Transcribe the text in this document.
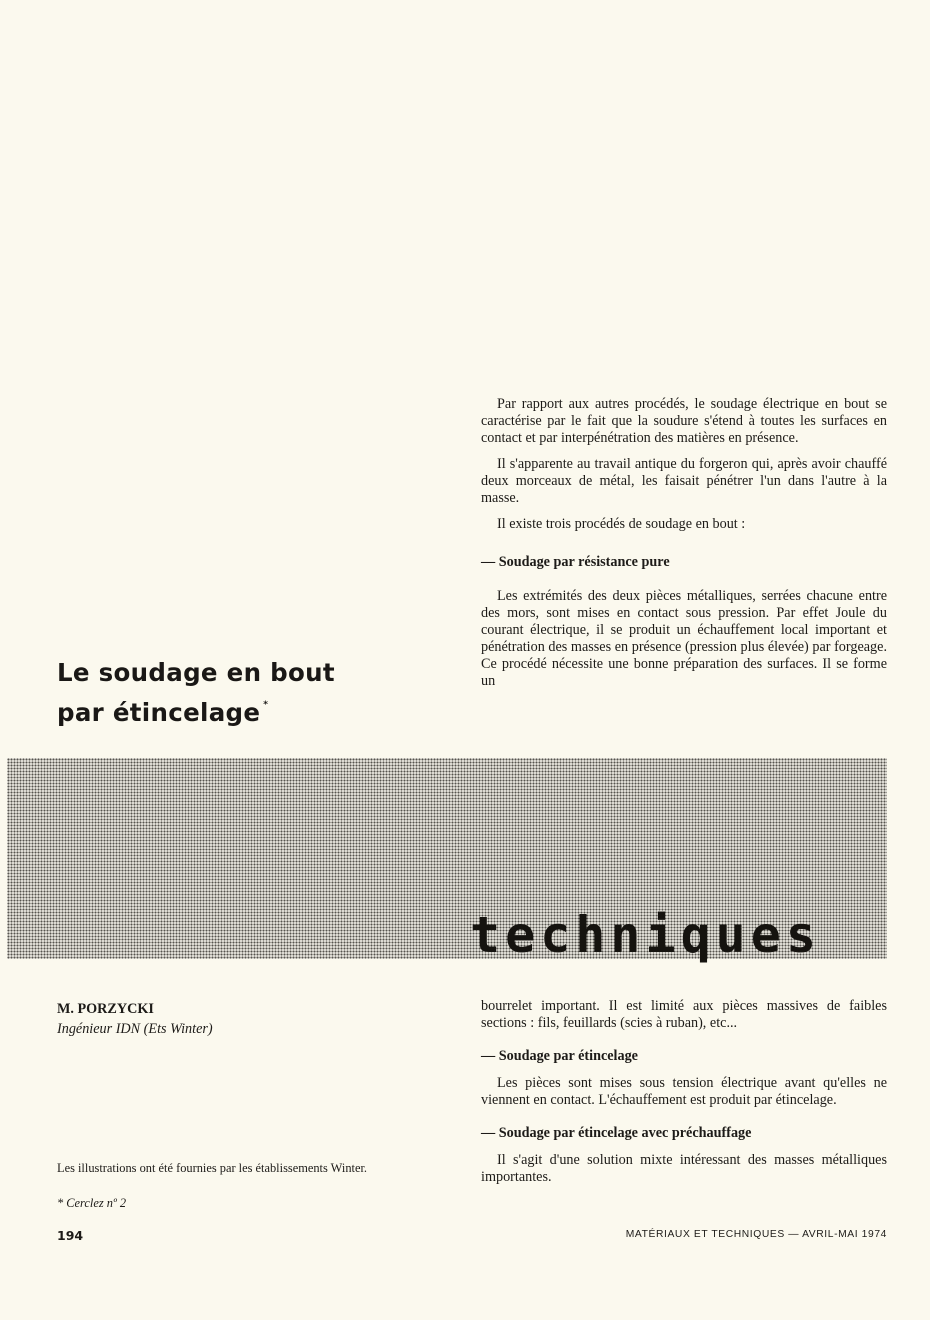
Par rapport aux autres procédés, le soudage électrique en bout se caractérise par le fait que la soudure s'étend à toutes les surfaces en contact et par interpénétration des matières en présence.

Il s'apparente au travail antique du forgeron qui, après avoir chauffé deux morceaux de métal, les faisait pénétrer l'un dans l'autre à la masse.

Il existe trois procédés de soudage en bout :

— Soudage par résistance pure

Les extrémités des deux pièces métalliques, serrées chacune entre des mors, sont mises en contact sous pression. Par effet Joule du courant électrique, il se produit un échauffement local important et pénétration des masses en présence (pression plus élevée) par forgeage. Ce procédé nécessite une bonne préparation des surfaces. Il se forme un

Le soudage en bout
par étincelage *
techniques
M. PORZYCKI
Ingénieur IDN (Ets Winter)
Les illustrations ont été fournies par les établissements Winter.
* Cerclez nº 2

bourrelet important. Il est limité aux pièces massives de faibles sections : fils, feuillards (scies à ruban), etc...

— Soudage par étincelage

Les pièces sont mises sous tension électrique avant qu'elles ne viennent en contact. L'échauffement est produit par étincelage.

— Soudage par étincelage avec préchauffage

Il s'agit d'une solution mixte intéressant des masses métalliques importantes.

194	MATÉRIAUX ET TECHNIQUES — AVRIL-MAI 1974
